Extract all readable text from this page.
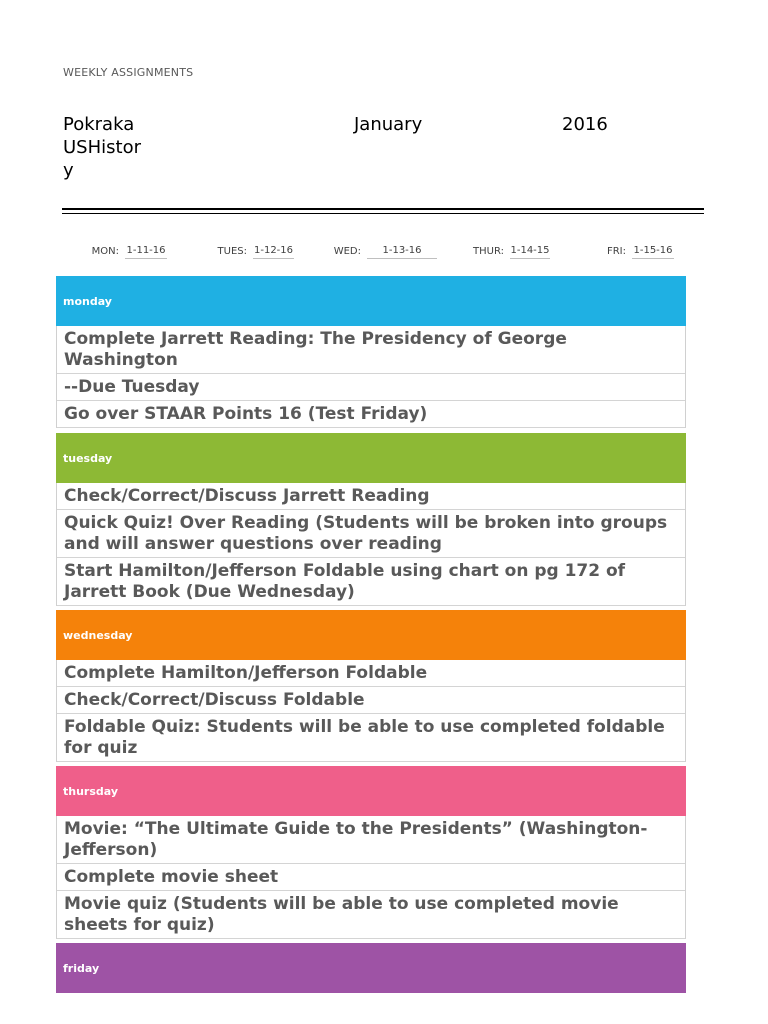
WEEKLY ASSIGNMENTS
Pokraka USHistory
January	2016
MON: 1-11-16	TUES: 1-12-16	WED:	1-13-16	THUR: 1-14-15	FRI: 1-15-16
monday
Complete Jarrett Reading: The Presidency of George Washington
--Due Tuesday
Go over STAAR Points 16 (Test Friday)
tuesday
Check/Correct/Discuss Jarrett Reading
Quick Quiz! Over Reading (Students will be broken into groups and will answer questions over reading
Start Hamilton/Jefferson Foldable using chart on pg 172 of Jarrett Book (Due Wednesday)
wednesday
Complete Hamilton/Jefferson Foldable
Check/Correct/Discuss Foldable
Foldable Quiz: Students will be able to use completed foldable for quiz
thursday
Movie: “The Ultimate Guide to the Presidents” (Washington-Jefferson)
Complete movie sheet
Movie quiz (Students will be able to use completed movie sheets for quiz)
friday
